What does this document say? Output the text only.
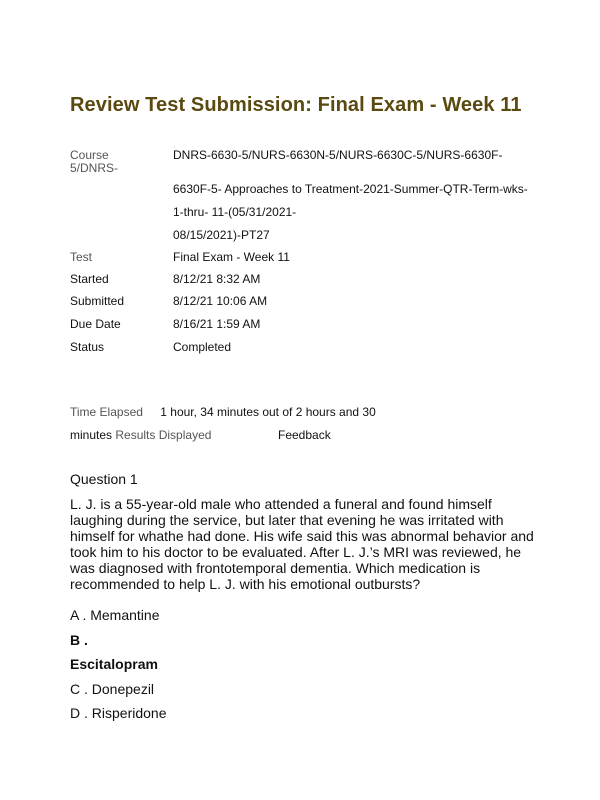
Review Test Submission: Final Exam - Week 11
Course	DNRS-6630-5/NURS-6630N-5/NURS-6630C-5/NURS-6630F-
5/DNRS-
6630F-5- Approaches to Treatment-2021-Summer-QTR-Term-wks-
1-thru- 11-(05/31/2021-
08/15/2021)-PT27
Test	Final Exam - Week 11
Started	8/12/21 8:32 AM
Submitted	8/12/21 10:06 AM
Due Date	8/16/21 1:59 AM
Status	Completed
Time Elapsed 1 hour, 34 minutes out of 2 hours and 30
minutes Results Displayed	Feedback
Question 1
L. J. is a 55-year-old male who attended a funeral and found himself laughing during the service, but later that evening he was irritated with himself for whathe had done. His wife said this was abnormal behavior and took him to his doctor to be evaluated. After L. J.’s MRI was reviewed, he was diagnosed with frontotemporal dementia. Which medication is recommended to help L. J. with his emotional outbursts?
A . Memantine
B .
Escitalopram
C . Donepezil
D . Risperidone
